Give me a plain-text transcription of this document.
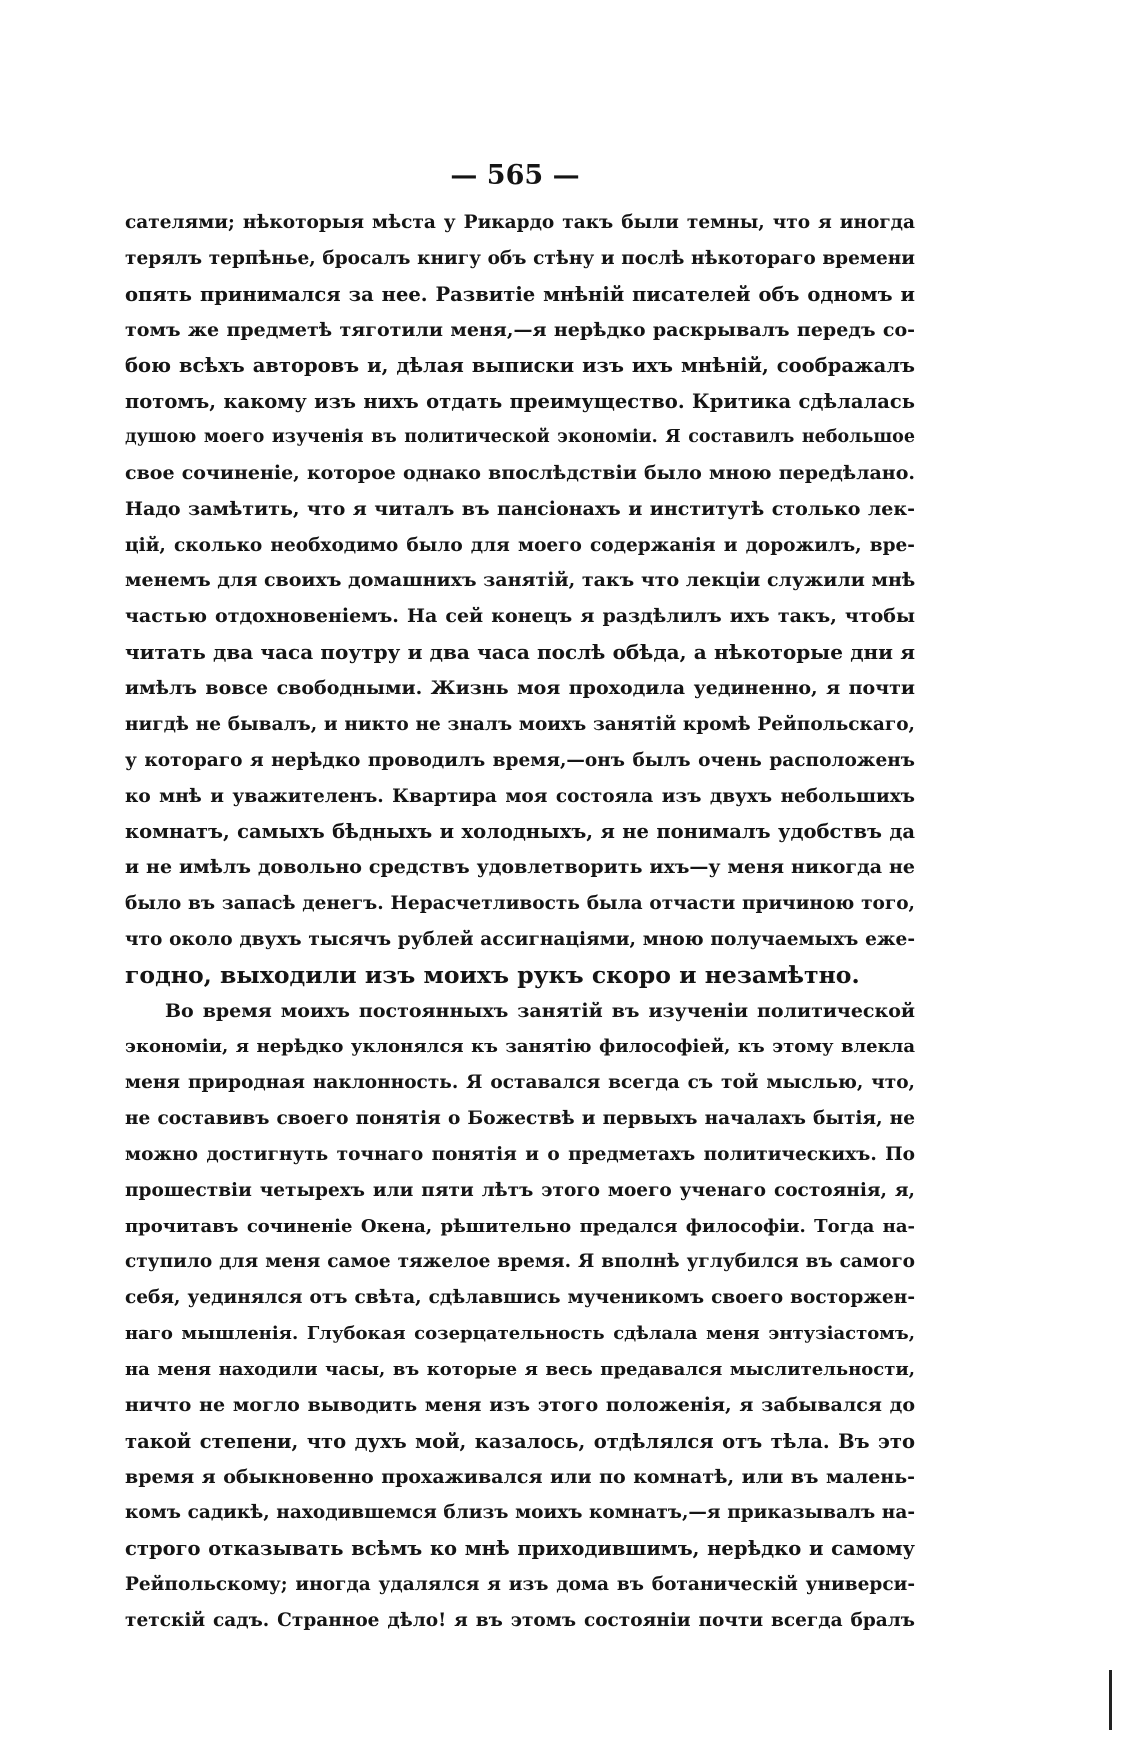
— 565 —
сателями; нѣкоторыя мѣста у Рикардо такъ были темны, что я иногда
терялъ терпѣнье, бросалъ книгу объ стѣну и послѣ нѣкотораго времени
опять принимался за нее. Развитіе мнѣній писателей объ одномъ и
томъ же предметѣ тяготили меня,—я нерѣдко раскрывалъ передъ со-
бою всѣхъ авторовъ и, дѣлая выписки изъ ихъ мнѣній, соображалъ
потомъ, какому изъ нихъ отдать преимущество. Критика сдѣлалась
душою моего изученія въ политической экономіи. Я составилъ небольшое
свое сочиненіе, которое однако впослѣдствіи было мною передѣлано.
Надо замѣтить, что я читалъ въ пансіонахъ и институтѣ столько лек-
цій, сколько необходимо было для моего содержанія и дорожилъ, вре-
менемъ для своихъ домашнихъ занятій, такъ что лекціи служили мнѣ
частью отдохновеніемъ. На сей конецъ я раздѣлилъ ихъ такъ, чтобы
читать два часа поутру и два часа послѣ обѣда, а нѣкоторые дни я
имѣлъ вовсе свободными. Жизнь моя проходила уединенно, я почти
нигдѣ не бывалъ, и никто не зналъ моихъ занятій кромѣ Рейпольскаго,
у котораго я нерѣдко проводилъ время,—онъ былъ очень расположенъ
ко мнѣ и уважителенъ. Квартира моя состояла изъ двухъ небольшихъ
комнатъ, самыхъ бѣдныхъ и холодныхъ, я не понималъ удобствъ да
и не имѣлъ довольно средствъ удовлетворить ихъ—у меня никогда не
было въ запасѣ денегъ. Нерасчетливость была отчасти причиною того,
что около двухъ тысячъ рублей ассигнаціями, мною получаемыхъ еже-
годно, выходили изъ моихъ рукъ скоро и незамѣтно.
Во время моихъ постоянныхъ занятій въ изученіи политической
экономіи, я нерѣдко уклонялся къ занятію философіей, къ этому влекла
меня природная наклонность. Я оставался всегда съ той мыслью, что,
не составивъ своего понятія о Божествѣ и первыхъ началахъ бытія, не
можно достигнуть точнаго понятія и о предметахъ политическихъ. По
прошествіи четырехъ или пяти лѣтъ этого моего ученаго состоянія, я,
прочитавъ сочиненіе Окена, рѣшительно предался философіи. Тогда на-
ступило для меня самое тяжелое время. Я вполнѣ углубился въ самого
себя, уединялся отъ свѣта, сдѣлавшись мученикомъ своего восторжен-
наго мышленія. Глубокая созерцательность сдѣлала меня энтузіастомъ,
на меня находили часы, въ которые я весь предавался мыслительности,
ничто не могло выводить меня изъ этого положенія, я забывался до
такой степени, что духъ мой, казалось, отдѣлялся отъ тѣла. Въ это
время я обыкновенно прохаживался или по комнатѣ, или въ малень-
комъ садикѣ, находившемся близъ моихъ комнатъ,—я приказывалъ на-
строго отказывать всѣмъ ко мнѣ приходившимъ, нерѣдко и самому
Рейпольскому; иногда удалялся я изъ дома въ ботаническій универси-
тетскій садъ. Странное дѣло! я въ этомъ состояніи почти всегда бралъ
